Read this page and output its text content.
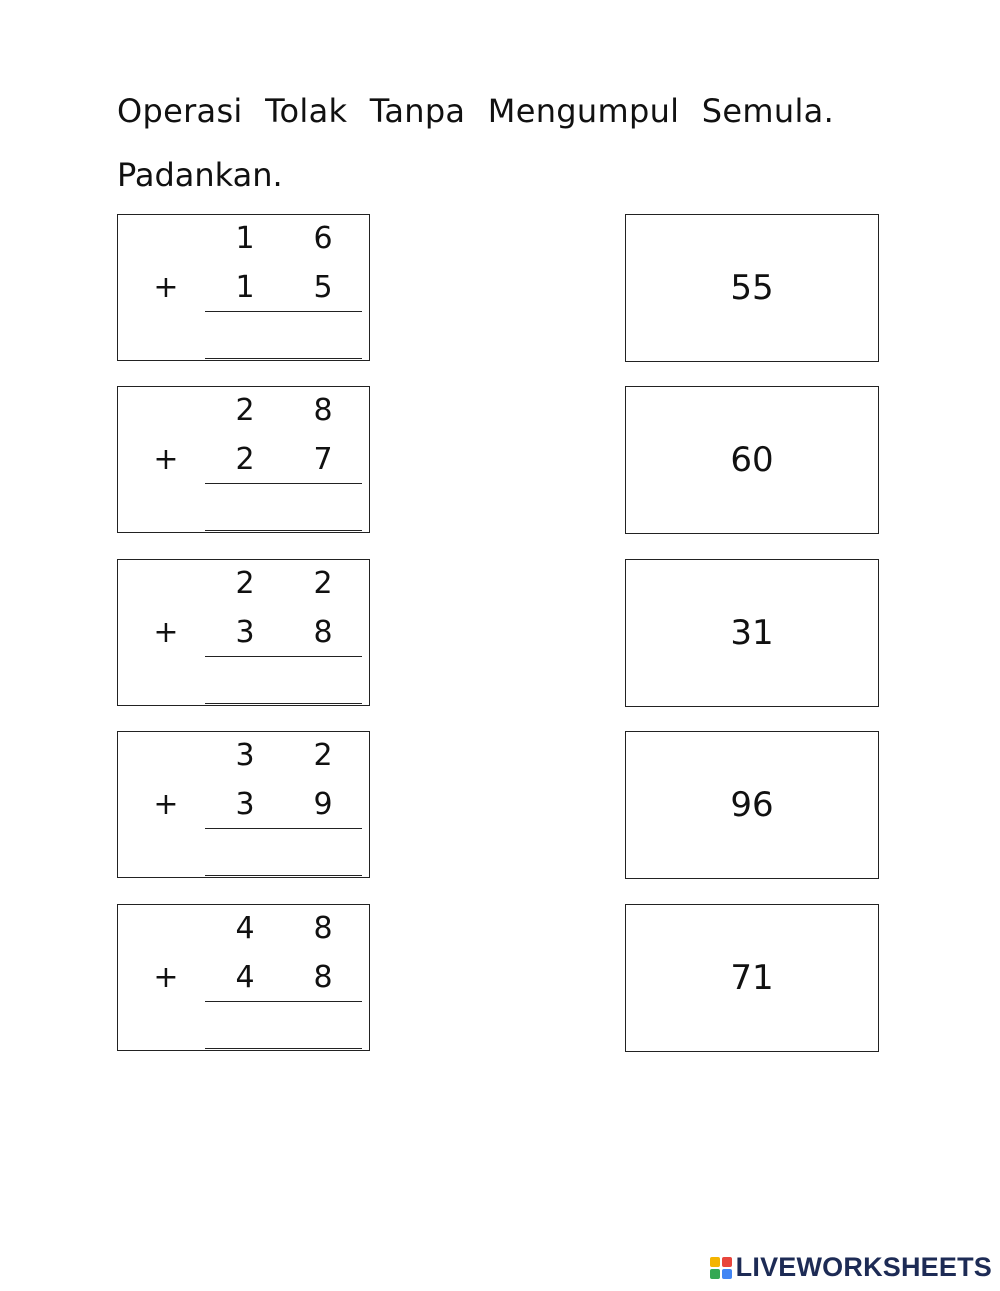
Operasi Tolak Tanpa Mengumpul Semula.
Padankan.
1 6
+ 1 5
2 8
+ 2 7
2 2
+ 3 8
3 2
+ 3 9
4 8
+ 4 8
55
60
31
96
71
LIVEWORKSHEETS
